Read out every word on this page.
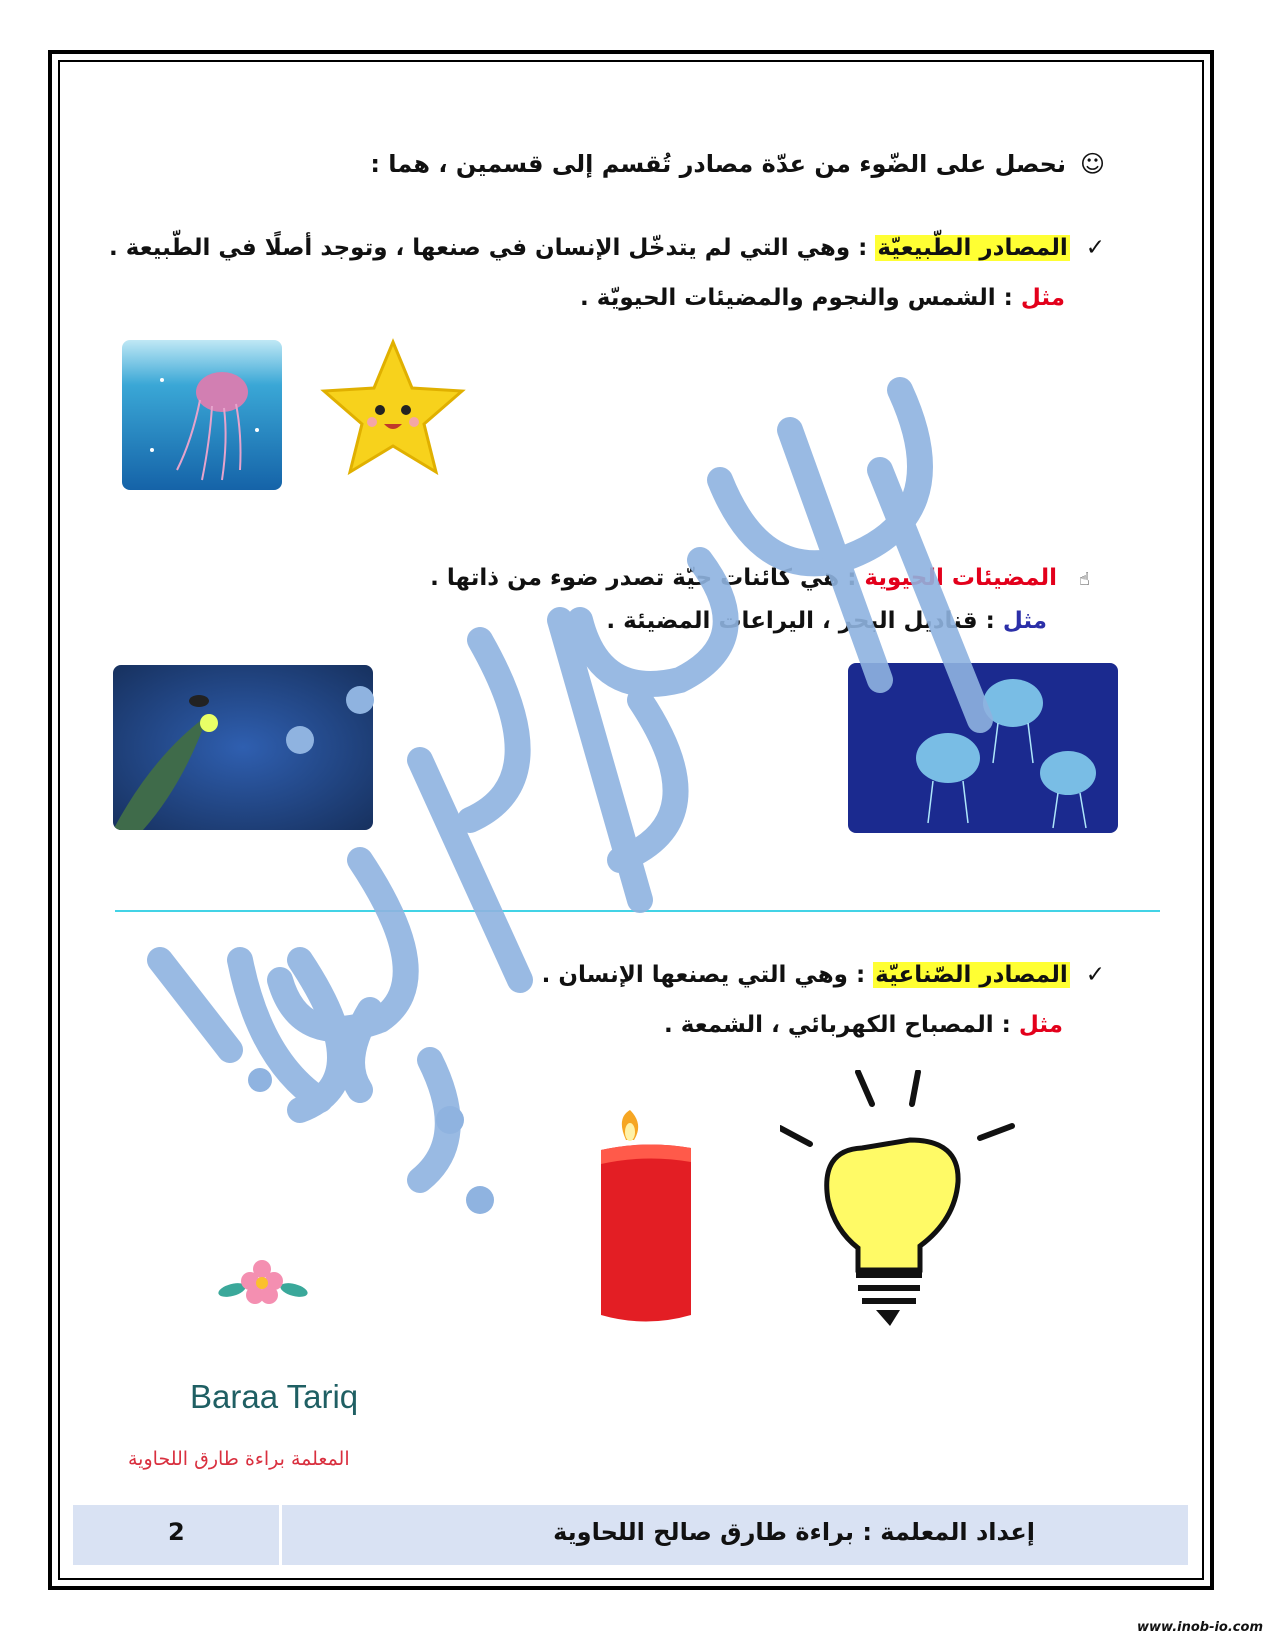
☺نحصل على الضّوء من عدّة مصادر تُقسم إلى قسمين ، هما :
✓المصادر الطّبيعيّة : وهي التي لم يتدخّل الإنسان في صنعها ، وتوجد أصلًا في الطّبيعة .
مثل : الشمس والنجوم والمضيئات الحيويّة .
☝المضيئات الحيوية : هي كائنات حيّة تصدر ضوء من ذاتها .
مثل : قناديل البحر ، اليراعات المضيئة .
✓المصادر الصّناعيّة : وهي التي يصنعها الإنسان .
مثل : المصباح الكهربائي ، الشمعة .
Baraa Tariq
المعلمة براءة طارق اللحاوية
إعداد المعلمة : براءة طارق صالح اللحاوية
2
www.inob-io.com
